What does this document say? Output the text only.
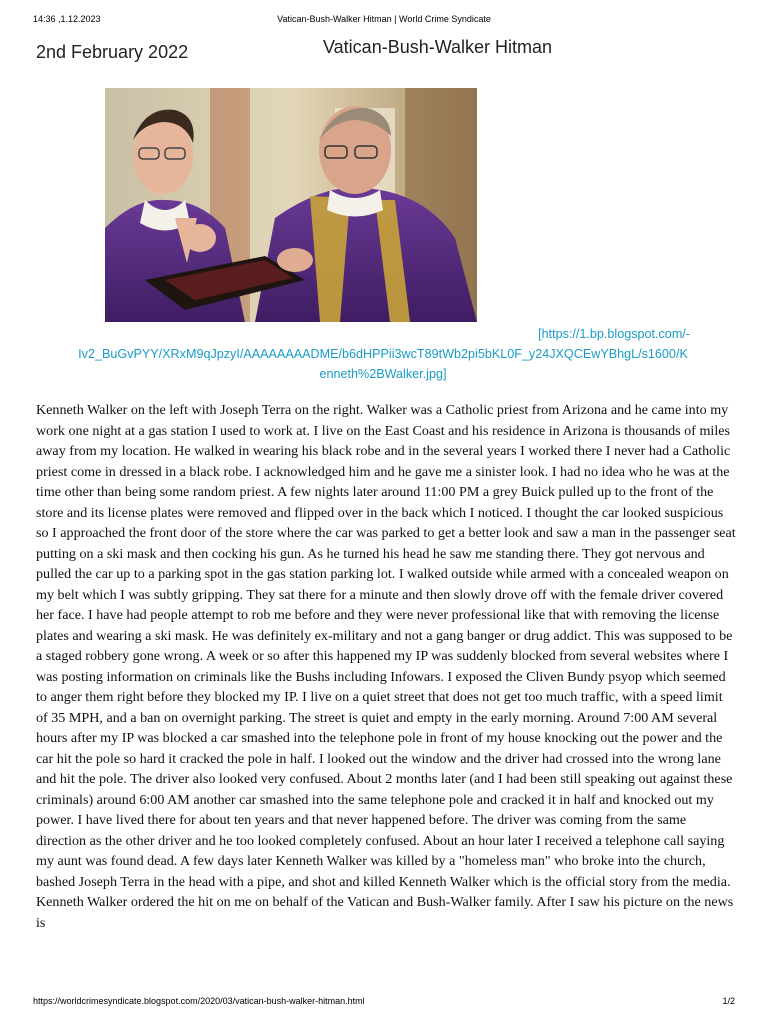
14:36 ,1.12.2023	Vatican-Bush-Walker Hitman | World Crime Syndicate
2nd February 2022	Vatican-Bush-Walker Hitman
[https://1.bp.blogspot.com/-
Iv2_BuGvPYY/XRxM9qJpzyI/AAAAAAAADME/b6dHPPii3wcT89tWb2pi5bKL0F_y24JXQCEwYBhgL/s1600/K
enneth%2BWalker.jpg]
Kenneth Walker on the left with Joseph Terra on the right. Walker was a Catholic priest from Arizona and he came into my work one night at a gas station I used to work at. I live on the East Coast and his residence in Arizona is thousands of miles away from my location. He walked in wearing his black robe and in the several years I worked there I never had a Catholic priest come in dressed in a black robe. I acknowledged him and he gave me a sinister look. I had no idea who he was at the time other than being some random priest. A few nights later around 11:00 PM a grey Buick pulled up to the front of the store and its license plates were removed and flipped over in the back which I noticed. I thought the car looked suspicious so I approached the front door of the store where the car was parked to get a better look and saw a man in the passenger seat putting on a ski mask and then cocking his gun. As he turned his head he saw me standing there. They got nervous and pulled the car up to a parking spot in the gas station parking lot. I walked outside while armed with a concealed weapon on my belt which I was subtly gripping. They sat there for a minute and then slowly drove off with the female driver covered her face. I have had people attempt to rob me before and they were never professional like that with removing the license plates and wearing a ski mask. He was definitely ex-military and not a gang banger or drug addict. This was supposed to be a staged robbery gone wrong. A week or so after this happened my IP was suddenly blocked from several websites where I was posting information on criminals like the Bushs including Infowars. I exposed the Cliven Bundy psyop which seemed to anger them right before they blocked my IP. I live on a quiet street that does not get too much traffic, with a speed limit of 35 MPH, and a ban on overnight parking. The street is quiet and empty in the early morning. Around 7:00 AM several hours after my IP was blocked a car smashed into the telephone pole in front of my house knocking out the power and the car hit the pole so hard it cracked the pole in half. I looked out the window and the driver had crossed into the wrong lane and hit the pole. The driver also looked very confused. About 2 months later (and I had been still speaking out against these criminals) around 6:00 AM another car smashed into the same telephone pole and cracked it in half and knocked out my power. I have lived there for about ten years and that never happened before. The driver was coming from the same direction as the other driver and he too looked completely confused. About an hour later I received a telephone call saying my aunt was found dead. A few days later Kenneth Walker was killed by a "homeless man" who broke into the church, bashed Joseph Terra in the head with a pipe, and shot and killed Kenneth Walker which is the official story from the media. Kenneth Walker ordered the hit on me on behalf of the Vatican and Bush-Walker family. After I saw his picture on the news is
https://worldcrimesyndicate.blogspot.com/2020/03/vatican-bush-walker-hitman.html	1/2
